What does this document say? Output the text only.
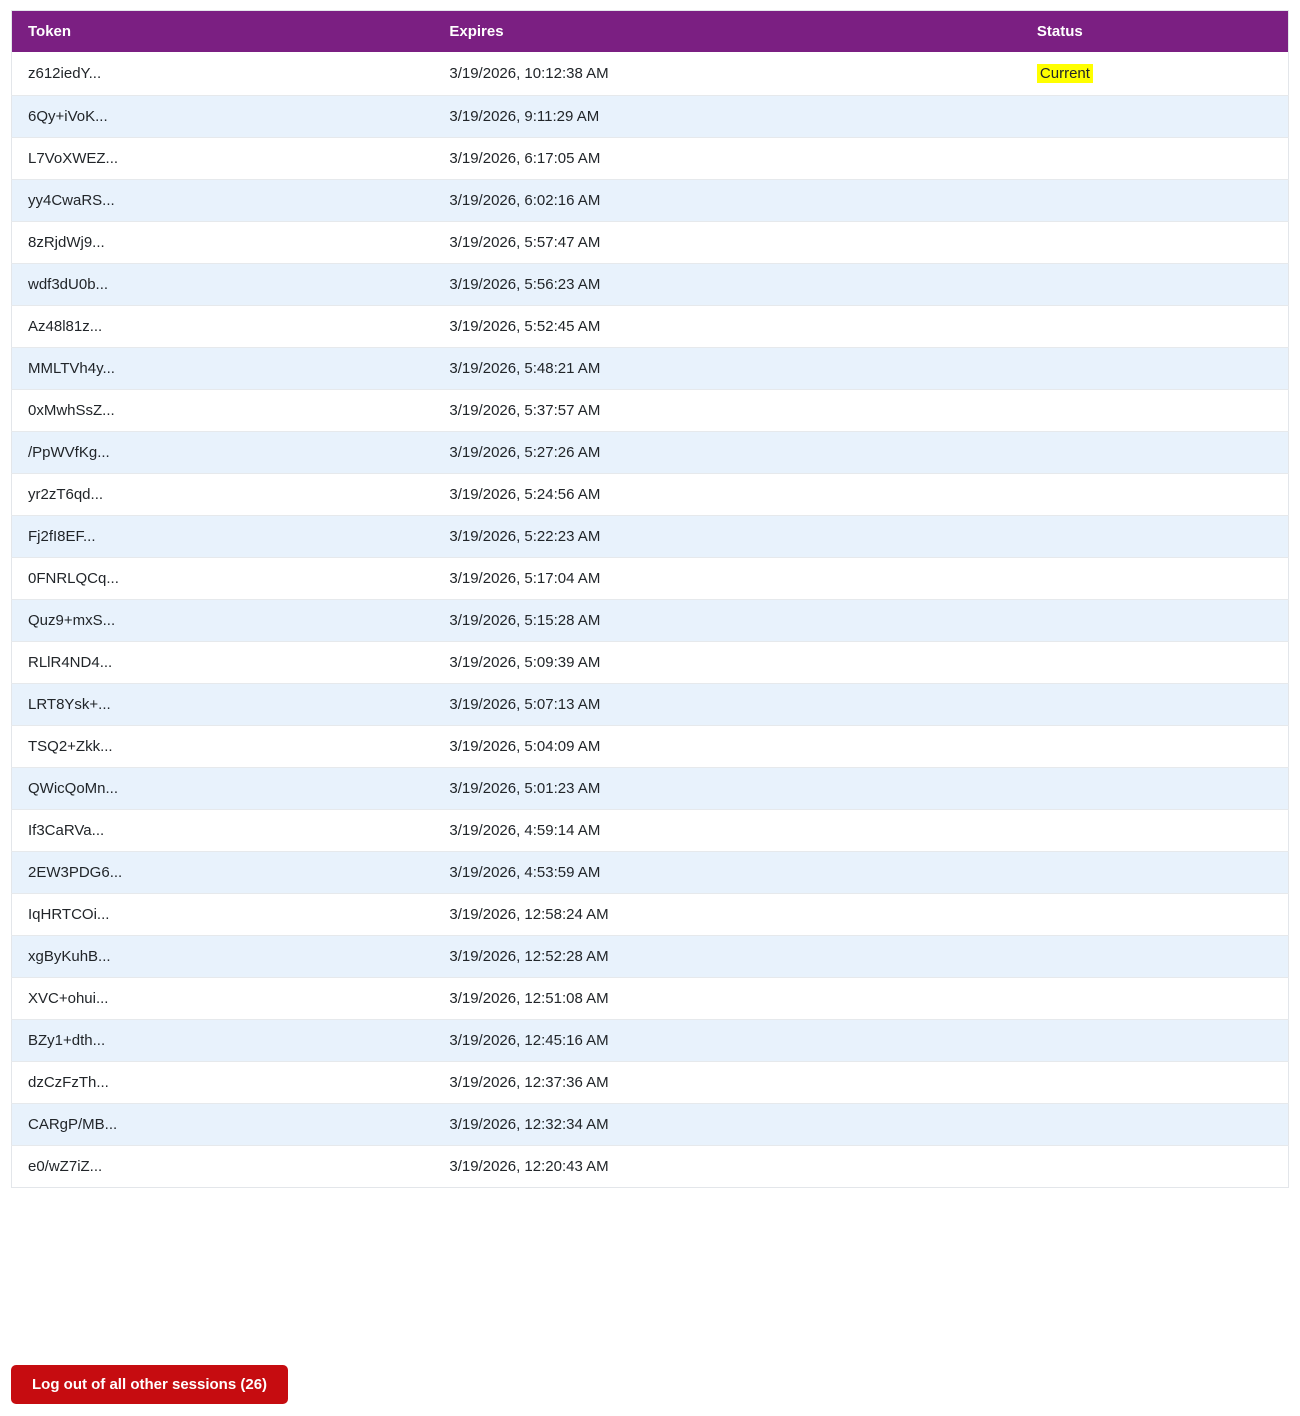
Token	Expires	Status
z612iedY...	3/19/2026, 10:12:38 AM	Current
6Qy+iVoK...	3/19/2026, 9:11:29 AM	
L7VoXWEZ...	3/19/2026, 6:17:05 AM	
yy4CwaRS...	3/19/2026, 6:02:16 AM	
8zRjdWj9...	3/19/2026, 5:57:47 AM	
wdf3dU0b...	3/19/2026, 5:56:23 AM	
Az48l81z...	3/19/2026, 5:52:45 AM	
MMLTVh4y...	3/19/2026, 5:48:21 AM	
0xMwhSsZ...	3/19/2026, 5:37:57 AM	
/PpWVfKg...	3/19/2026, 5:27:26 AM	
yr2zT6qd...	3/19/2026, 5:24:56 AM	
Fj2fI8EF...	3/19/2026, 5:22:23 AM	
0FNRLQCq...	3/19/2026, 5:17:04 AM	
Quz9+mxS...	3/19/2026, 5:15:28 AM	
RLlR4ND4...	3/19/2026, 5:09:39 AM	
LRT8Ysk+...	3/19/2026, 5:07:13 AM	
TSQ2+Zkk...	3/19/2026, 5:04:09 AM	
QWicQoMn...	3/19/2026, 5:01:23 AM	
If3CaRVa...	3/19/2026, 4:59:14 AM	
2EW3PDG6...	3/19/2026, 4:53:59 AM	
IqHRTCOi...	3/19/2026, 12:58:24 AM	
xgByKuhB...	3/19/2026, 12:52:28 AM	
XVC+ohui...	3/19/2026, 12:51:08 AM	
BZy1+dth...	3/19/2026, 12:45:16 AM	
dzCzFzTh...	3/19/2026, 12:37:36 AM	
CARgP/MB...	3/19/2026, 12:32:34 AM	
e0/wZ7iZ...	3/19/2026, 12:20:43 AM	
Log out of all other sessions (26)
